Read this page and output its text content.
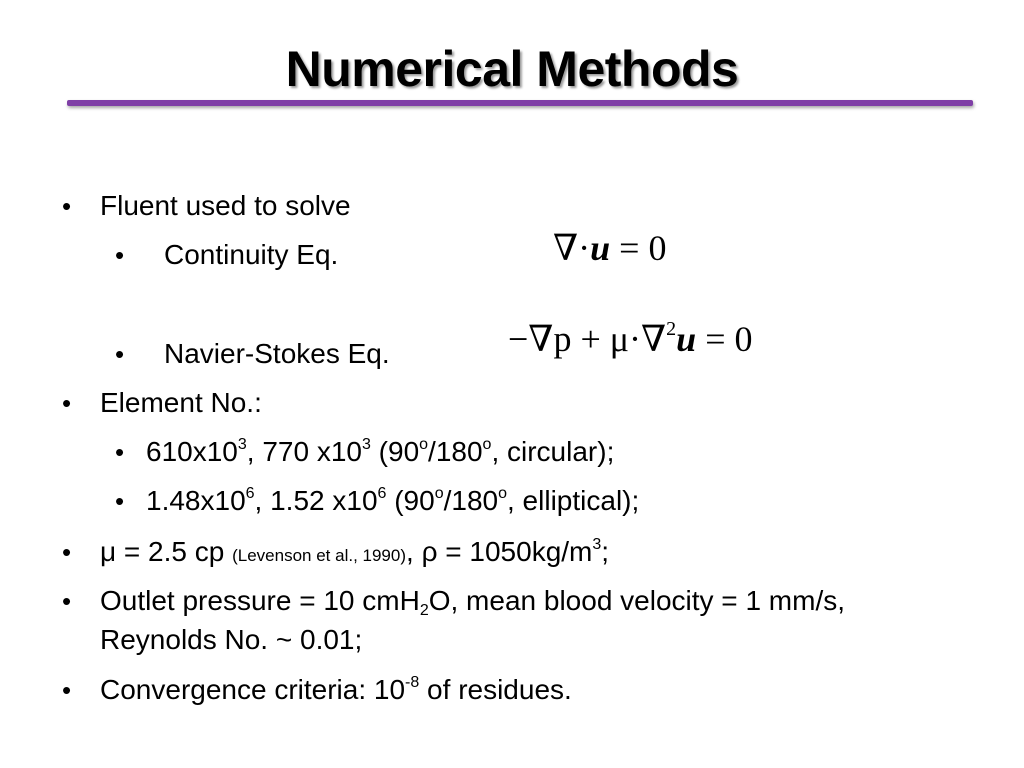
Numerical Methods
• Fluent used to solve
• Continuity Eq.	∇·u = 0
• Navier-Stokes Eq.	−∇p + μ·∇$^2$u = 0
• Element No.:
• $610x10^3$, 770 $x10^3$ (90$^o$/180$^o$, circular);
• $1.48x10^6$, 1.52 $x10^6$ (90$^o$/180$^o$, elliptical);
• μ = 2.5 cp (Levenson et al., 1990), $\rho = 1050kg/m^3$;
• Outlet pressure = 10 cmH$_2$O, mean blood velocity = 1 mm/s,
Reynolds No. ~ 0.01;
• Convergence criteria: $10^{-8}$ of residues.
